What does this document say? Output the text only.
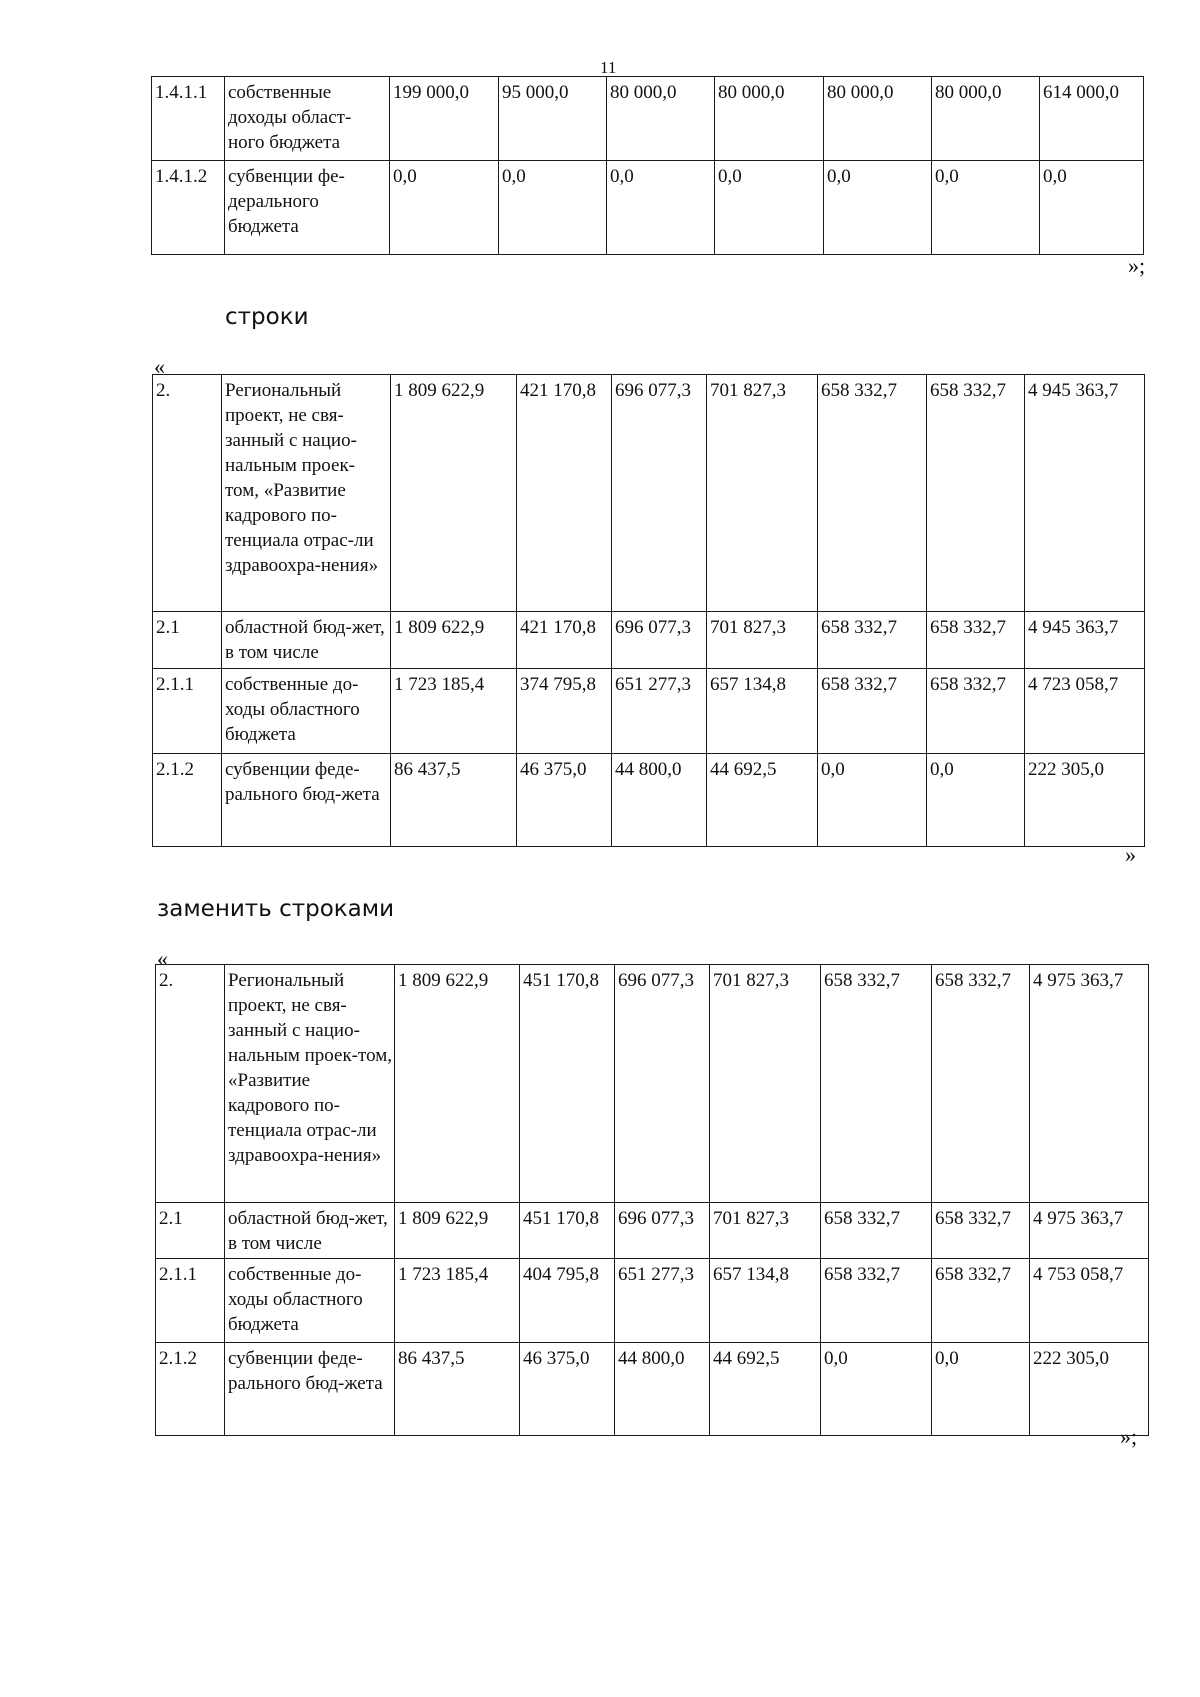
11
1.4.1.1	собственные доходы област-ного бюджета	199 000,0	95 000,0	80 000,0	80 000,0	80 000,0	80 000,0	614 000,0
1.4.1.2	субвенции фе-дерального бюджета	0,0	0,0	0,0	0,0	0,0	0,0	0,0
»;
строки
«
2.	Региональный проект, не свя-занный с нацио-нальным проек-том, «Развитие кадрового по-тенциала отрас-ли здравоохра-нения»	1 809 622,9	421 170,8	696 077,3	701 827,3	658 332,7	658 332,7	4 945 363,7
2.1	областной бюд-жет, в том числе	1 809 622,9	421 170,8	696 077,3	701 827,3	658 332,7	658 332,7	4 945 363,7
2.1.1	собственные до-ходы областного бюджета	1 723 185,4	374 795,8	651 277,3	657 134,8	658 332,7	658 332,7	4 723 058,7
2.1.2	субвенции феде-рального бюд-жета	86 437,5	46 375,0	44 800,0	44 692,5	0,0	0,0	222 305,0
»
заменить строками
«
2.	Региональный проект, не свя-занный с нацио-нальным проек-том, «Развитие кадрового по-тенциала отрас-ли здравоохра-нения»	1 809 622,9	451 170,8	696 077,3	701 827,3	658 332,7	658 332,7	4 975 363,7
2.1	областной бюд-жет, в том числе	1 809 622,9	451 170,8	696 077,3	701 827,3	658 332,7	658 332,7	4 975 363,7
2.1.1	собственные до-ходы областного бюджета	1 723 185,4	404 795,8	651 277,3	657 134,8	658 332,7	658 332,7	4 753 058,7
2.1.2	субвенции феде-рального бюд-жета	86 437,5	46 375,0	44 800,0	44 692,5	0,0	0,0	222 305,0
»;
